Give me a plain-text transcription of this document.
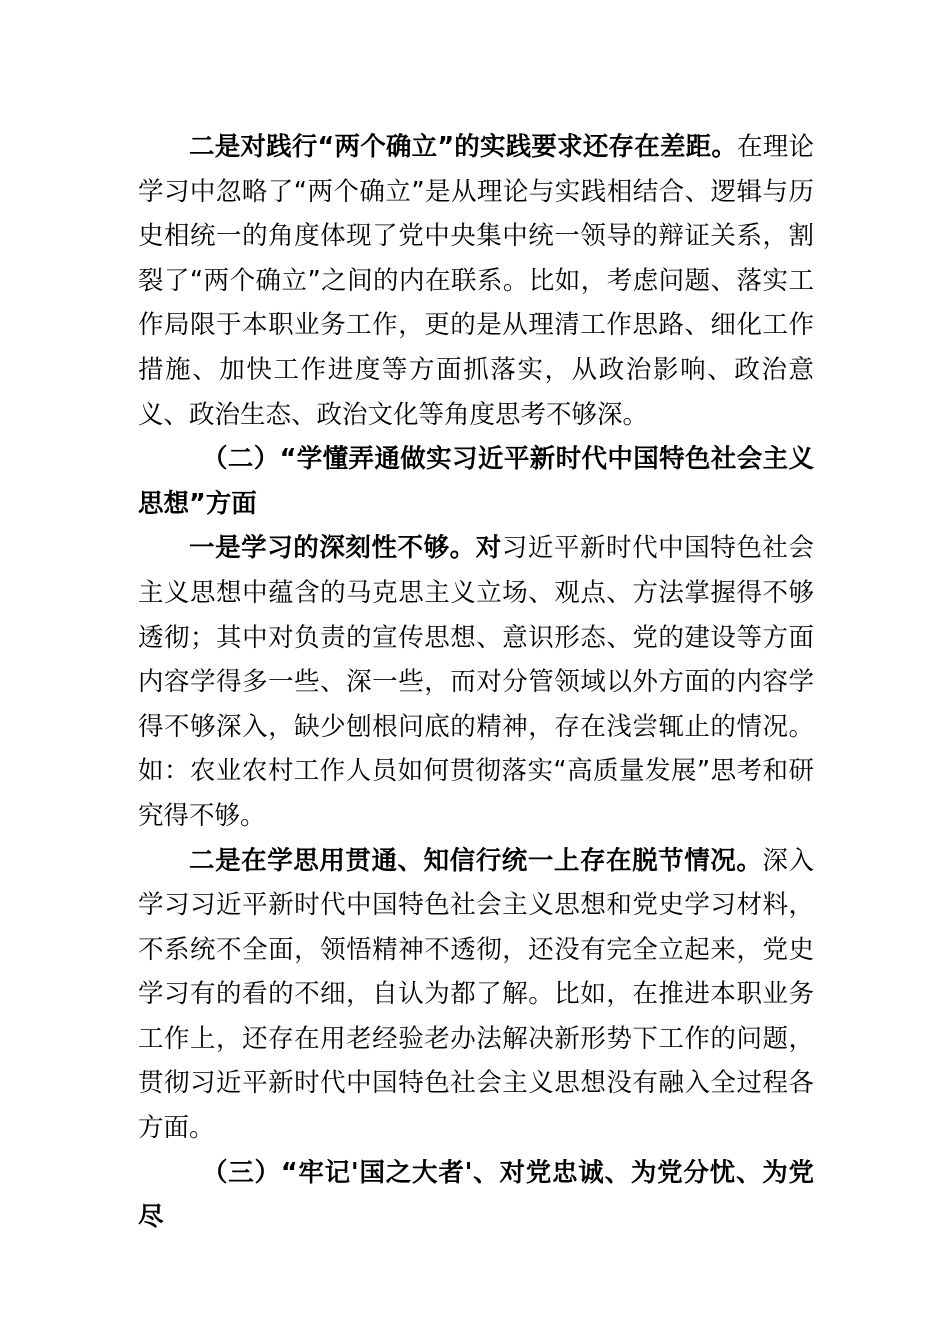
二是对践行“两个确立”的实践要求还存在差距。在理论学习中忽略了“两个确立”是从理论与实践相结合、逻辑与历史相统一的角度体现了党中央集中统一领导的辩证关系，割裂了“两个确立”之间的内在联系。比如，考虑问题、落实工作局限于本职业务工作，更的是从理清工作思路、细化工作措施、加快工作进度等方面抓落实，从政治影响、政治意义、政治生态、政治文化等角度思考不够深。

（二）“学懂弄通做实习近平新时代中国特色社会主义思想”方面

一是学习的深刻性不够。对习近平新时代中国特色社会主义思想中蕴含的马克思主义立场、观点、方法掌握得不够透彻；其中对负责的宣传思想、意识形态、党的建设等方面内容学得多一些、深一些，而对分管领域以外方面的内容学得不够深入，缺少刨根问底的精神，存在浅尝辄止的情况。如：农业农村工作人员如何贯彻落实“高质量发展”思考和研究得不够。

二是在学思用贯通、知信行统一上存在脱节情况。深入学习习近平新时代中国特色社会主义思想和党史学习材料，不系统不全面，领悟精神不透彻，还没有完全立起来，党史学习有的看的不细，自认为都了解。比如，在推进本职业务工作上，还存在用老经验老办法解决新形势下工作的问题，贯彻习近平新时代中国特色社会主义思想没有融入全过程各方面。

（三）“牢记'国之大者'、对党忠诚、为党分忧、为党尽
